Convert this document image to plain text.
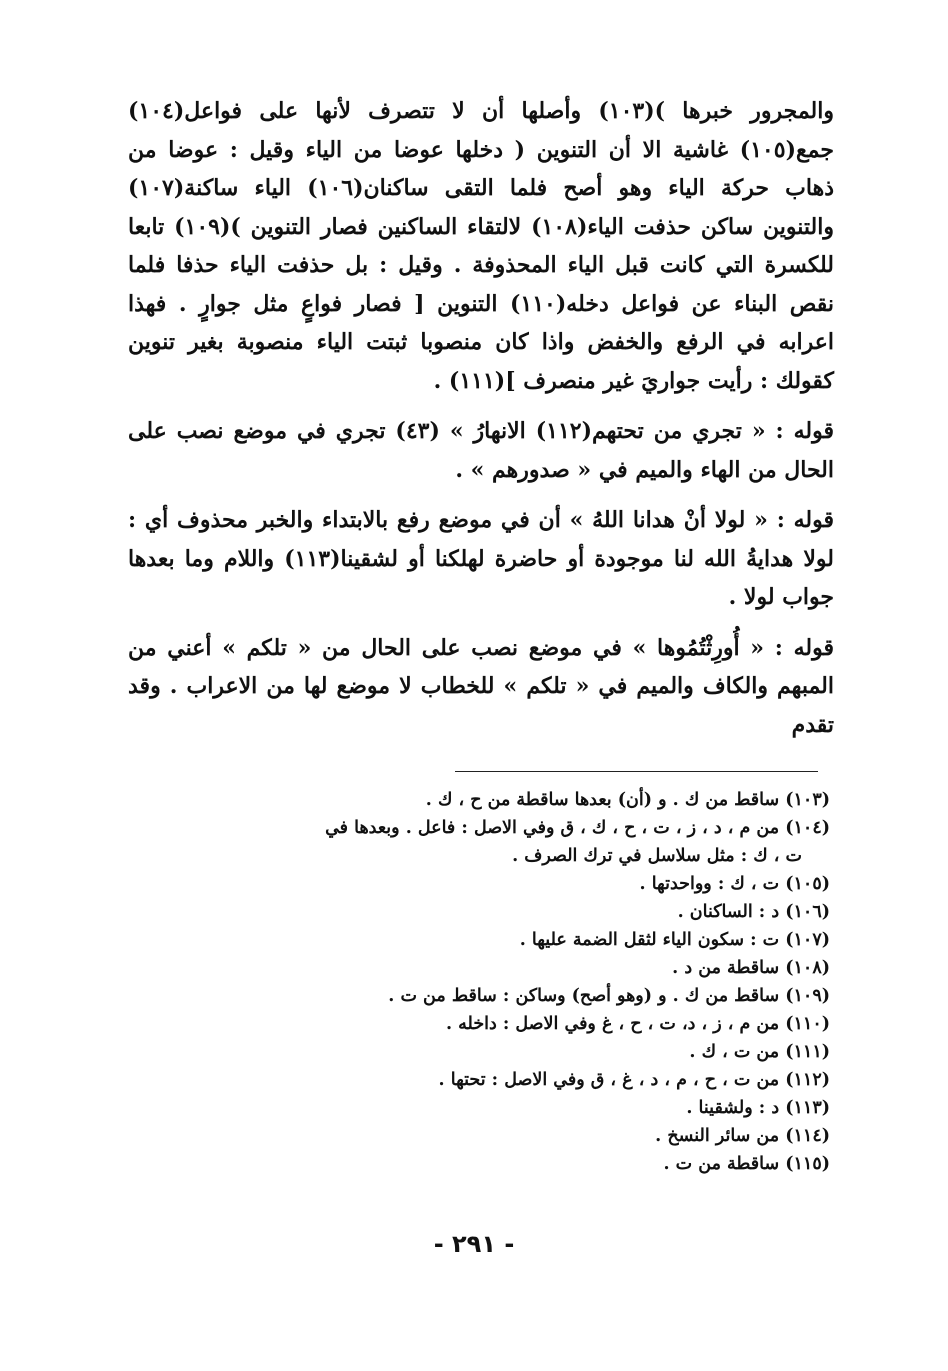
والمجرور خبرها )(١٠٣) وأصلها أن لا تتصرف لأنها على فواعل(١٠٤) جمع(١٠٥) غاشية الا أن التنوين ( دخلها عوضا من الياء وقيل : عوضا من ذهاب حركة الياء وهو أصح فلما التقى ساكنان(١٠٦) الياء ساكنة(١٠٧) والتنوين ساكن حذفت الياء(١٠٨) لالتقاء الساكنين فصار التنوين )(١٠٩) تابعا للكسرة التي كانت قبل الياء المحذوفة . وقيل : بل حذفت الياء حذفا فلما نقص البناء عن فواعل دخله(١١٠) التنوين [ فصار فواعٍ مثل جوارٍ . فهذا اعرابه في الرفع والخفض واذا كان منصوبا ثبتت الياء منصوبة بغير تنوين كقولك : رأيت جواريَ غير منصرف ](١١١) .

قوله : « تجري من تحتهم(١١٢) الانهارُ » (٤٣) تجري في موضع نصب على الحال من الهاء والميم في « صدورهم » .

قوله : « لولا أنْ هدانا اللهُ » أن في موضع رفع بالابتداء والخبر محذوف أي : لولا هدايةُ الله لنا موجودة أو حاضرة لهلكنا أو لشقينا(١١٣) واللام وما بعدها جواب لولا .

قوله : « أُورِثْتُمُوها » في موضع نصب على الحال من « تلكم » أعني من المبهم والكاف والميم في « تلكم » للخطاب لا موضع لها من الاعراب . وقد تقدم

(١٠٣) ساقط من ك . و (أن) بعدها ساقطة من ح ، ك .
(١٠٤) من م ، د ، ز ، ت ، ح ، ك ، ق وفي الاصل : فاعل . وبعدها في
ت ، ك : مثل سلاسل في ترك الصرف .
(١٠٥) ت ، ك : وواحدتها .
(١٠٦) د : الساكنان .
(١٠٧) ت : سكون الياء لثقل الضمة عليها .
(١٠٨) ساقطة من د .
(١٠٩) ساقط من ك . و (وهو أصح) وساكن : ساقط من ت .
(١١٠) من م ، ز ، د، ت ، ح ، غ وفي الاصل : داخله .
(١١١) من ت ، ك .
(١١٢) من ت ، ح ، م ، د ، غ ، ق وفي الاصل : تحتها .
(١١٣) د : ولشقينا .
(١١٤) من سائر النسخ .
(١١٥) ساقطة من ت .
- ٢٩١ -
